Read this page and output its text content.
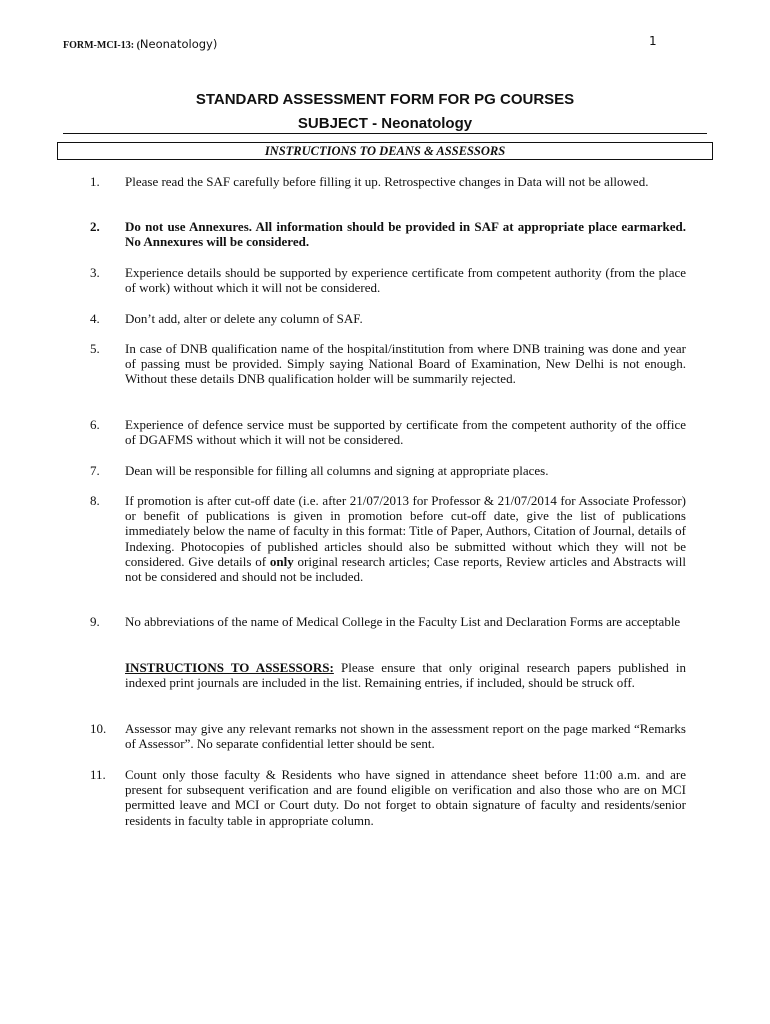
FORM-MCI-13: (Neonatology)	1
STANDARD ASSESSMENT FORM FOR PG COURSES
SUBJECT - Neonatology
INSTRUCTIONS TO DEANS & ASSESSORS
1.	Please read the SAF carefully before filling it up. Retrospective changes in Data will not be allowed.
2.	Do not use Annexures. All information should be provided in SAF at appropriate place earmarked. No Annexures will be considered.
3.	Experience details should be supported by experience certificate from competent authority (from the place of work) without which it will not be considered.
4.	Don’t add, alter or delete any column of SAF.
5.	In case of DNB qualification name of the hospital/institution from where DNB training was done and year of passing must be provided. Simply saying National Board of Examination, New Delhi is not enough. Without these details DNB qualification holder will be summarily rejected.
6.	Experience of defence service must be supported by certificate from the competent authority of the office of DGAFMS without which it will not be considered.
7.	Dean will be responsible for filling all columns and signing at appropriate places.
8.	If promotion is after cut-off date (i.e. after 21/07/2013 for Professor & 21/07/2014 for Associate Professor) or benefit of publications is given in promotion before cut-off date, give the list of publications immediately below the name of faculty in this format: Title of Paper, Authors, Citation of Journal, details of Indexing. Photocopies of published articles should also be submitted without which they will not be considered. Give details of only original research articles; Case reports, Review articles and Abstracts will not be considered and should not be included.
9.	No abbreviations of the name of Medical College in the Faculty List and Declaration Forms are acceptable
INSTRUCTIONS TO ASSESSORS: Please ensure that only original research papers published in indexed print journals are included in the list. Remaining entries, if included, should be struck off.
10.	Assessor may give any relevant remarks not shown in the assessment report on the page marked “Remarks of Assessor”. No separate confidential letter should be sent.
11.	Count only those faculty & Residents who have signed in attendance sheet before 11:00 a.m. and are present for subsequent verification and are found eligible on verification and also those who are on MCI permitted leave and MCI or Court duty. Do not forget to obtain signature of faculty and residents/senior residents in faculty table in appropriate column.
